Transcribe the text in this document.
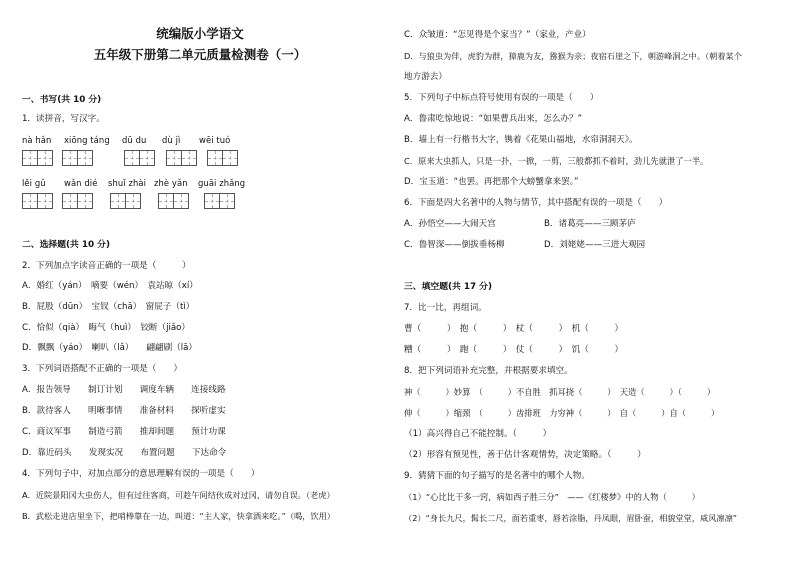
统编版小学语文
五年级下册第二单元质量检测卷（一）
一、书写(共 10 分)
1．读拼音，写汉字。
nà hǎn xiōng táng dū du dù jì wēi tuó
lěi gǔ wǎn dié shuǐ zhài zhè yǎn guāi zhǎng
二、选择题(共 10 分)
2．下列加点字读音正确的一项是（　　　）
A．婚红（yán）　嘀要（wén）　袁站晾（xí）
B．屁股（dūn）　宝钗（chā）　窗屁子（tì）
C．恰似（qià）　晦气（huì）　铰断（jiǎo）
D．飘飘（yáo）　喇叭（lǎ）　　翩翩刷（lā）
3．下列词语搭配不正确的一项是（　　）
A．报告领导　　制订计划　　调度车辆　　连接线路
B．款待客人　　明晰事情　　准备材料　　探听虚实
C．商议军事　　制造弓箭　　推却间题　　预计功课
D．靠近码头　　发现实况　　布置问题　　下达命令
4．下列句子中，对加点部分的意思理解有误的一项是（　　）
A．近院景阳冈大虫伤人，但有过往客商，可趁午间结伙成对过冈，请勿自误。（老虎）
B．武松走进店里坐下，把哨棒靠在一边，叫道：“主人家，快拿酒来吃。”（喝，饮用）
C．众皱道：“怎见得是个家当？”（家业，产业）
D．与狼虫为伴，虎豹为群，獐鹿为友，猕猴为亲；夜宿石崖之下，朝游峰洞之中。（朝着某个
地方游去）
5．下列句子中标点符号使用有误的一项是（　　）
A．鲁肃吃惊地说：“如果曹兵出来，怎么办？”
B．墙上有一行楷书大字，镌着《花果山福地，水帘洞洞天》。
C．原来大虫抓人，只是一扑，一掀，一剪，三般都抓不着时，劲儿先就泄了一半。
D．宝玉道：“也罢。再把那个大螃蟹拿来罢。”
6．下面是四大名著中的人物与情节，其中搭配有误的一项是（　　）
A．孙悟空——大闹天宫	B．诸葛亮——三顾茅庐
C．鲁智深——倒拔垂杨柳	D．刘姥姥——三进大观园
三、填空题(共 17 分)
7．比一比，再组词。
曹（　　　）　抱（　　　）　杖（　　　）　机（　　　）
糟（　　　）　跑（　　　）　仗（　　　）　饥（　　　）
8．把下列词语补充完整，并根据要求填空。
神（　　　）妙算　（　　　）不自胜　抓耳挠（　　　）　天造（　　　）（　　　）
伸（　　　）缩颈　（　　　）齿排班　力穷神（　　　）　自（　　　）自（　　　）
（1）高兴得自己不能控制。（　　　）
（2）形容有预见性，善于估计客观情势，决定策略。（　　　）
9．猜猜下面的句子描写的是名著中的哪个人物。
（1）“心比比干多一窍，病如西子胜三分”　——《红楼梦》中的人物（　　　）
（2）“身长九尺，髯长二尺，面若重枣，唇若涂脂，丹凤眼，眉卧蚕，相貌堂堂，威风凛凛”
